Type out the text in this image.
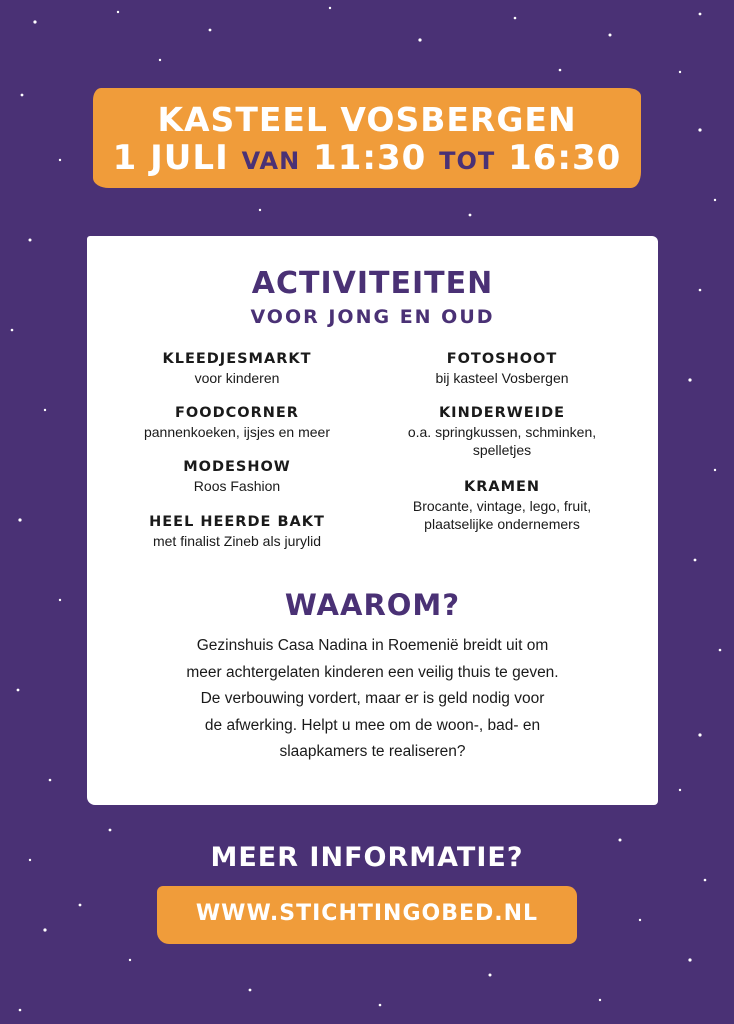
KASTEEL VOSBERGEN
1 JULI VAN 11:30 TOT 16:30
ACTIVITEITEN
VOOR JONG EN OUD
KLEEDJESMARKT
voor kinderen
FOODCORNER
pannenkoeken, ijsjes en meer
MODESHOW
Roos Fashion
HEEL HEERDE BAKT
met finalist Zineb als jurylid
FOTOSHOOT
bij kasteel Vosbergen
KINDERWEIDE
o.a. springkussen, schminken,
spelletjes
KRAMEN
Brocante, vintage, lego, fruit,
plaatselijke ondernemers
WAAROM?
Gezinshuis Casa Nadina in Roemenië breidt uit om
meer achtergelaten kinderen een veilig thuis te geven.
De verbouwing vordert, maar er is geld nodig voor
de afwerking. Helpt u mee om de woon-, bad- en
slaapkamers te realiseren?
MEER INFORMATIE?
WWW.STICHTINGOBED.NL
